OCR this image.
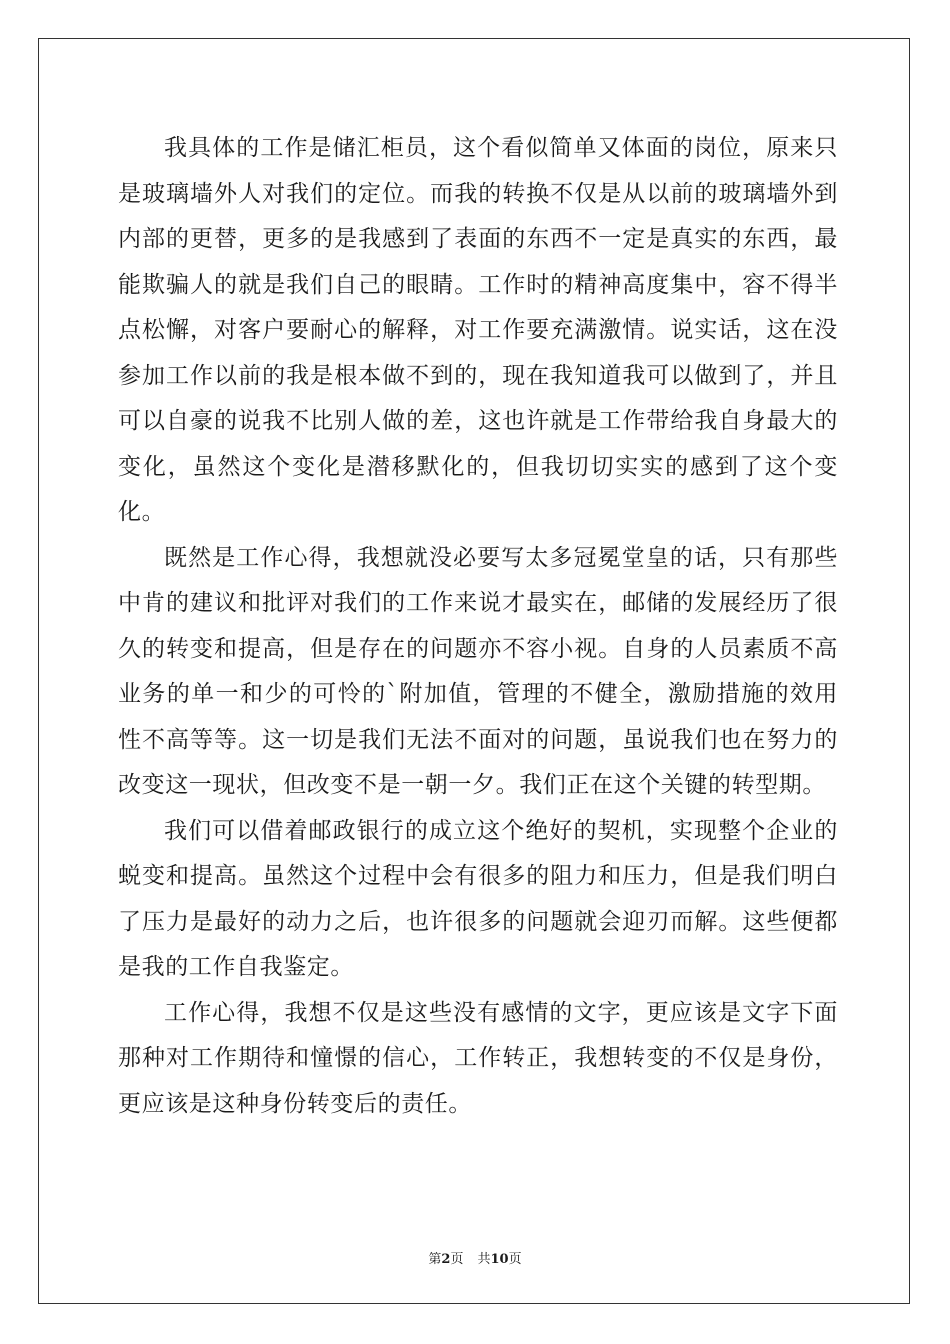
我具体的工作是储汇柜员，这个看似简单又体面的岗位，原来只是玻璃墙外人对我们的定位。而我的转换不仅是从以前的玻璃墙外到内部的更替，更多的是我感到了表面的东西不一定是真实的东西，最能欺骗人的就是我们自己的眼睛。工作时的精神高度集中，容不得半点松懈，对客户要耐心的解释，对工作要充满激情。说实话，这在没参加工作以前的我是根本做不到的，现在我知道我可以做到了，并且可以自豪的说我不比别人做的差，这也许就是工作带给我自身最大的变化，虽然这个变化是潜移默化的，但我切切实实的感到了这个变化。

既然是工作心得，我想就没必要写太多冠冕堂皇的话，只有那些中肯的建议和批评对我们的工作来说才最实在，邮储的发展经历了很久的转变和提高，但是存在的问题亦不容小视。自身的人员素质不高业务的单一和少的可怜的`附加值，管理的不健全，激励措施的效用性不高等等。这一切是我们无法不面对的问题，虽说我们也在努力的改变这一现状，但改变不是一朝一夕。我们正在这个关键的转型期。

我们可以借着邮政银行的成立这个绝好的契机，实现整个企业的蜕变和提高。虽然这个过程中会有很多的阻力和压力，但是我们明白了压力是最好的动力之后，也许很多的问题就会迎刃而解。这些便都是我的工作自我鉴定。

工作心得，我想不仅是这些没有感情的文字，更应该是文字下面那种对工作期待和憧憬的信心，工作转正，我想转变的不仅是身份，更应该是这种身份转变后的责任。

第2页 共10页
